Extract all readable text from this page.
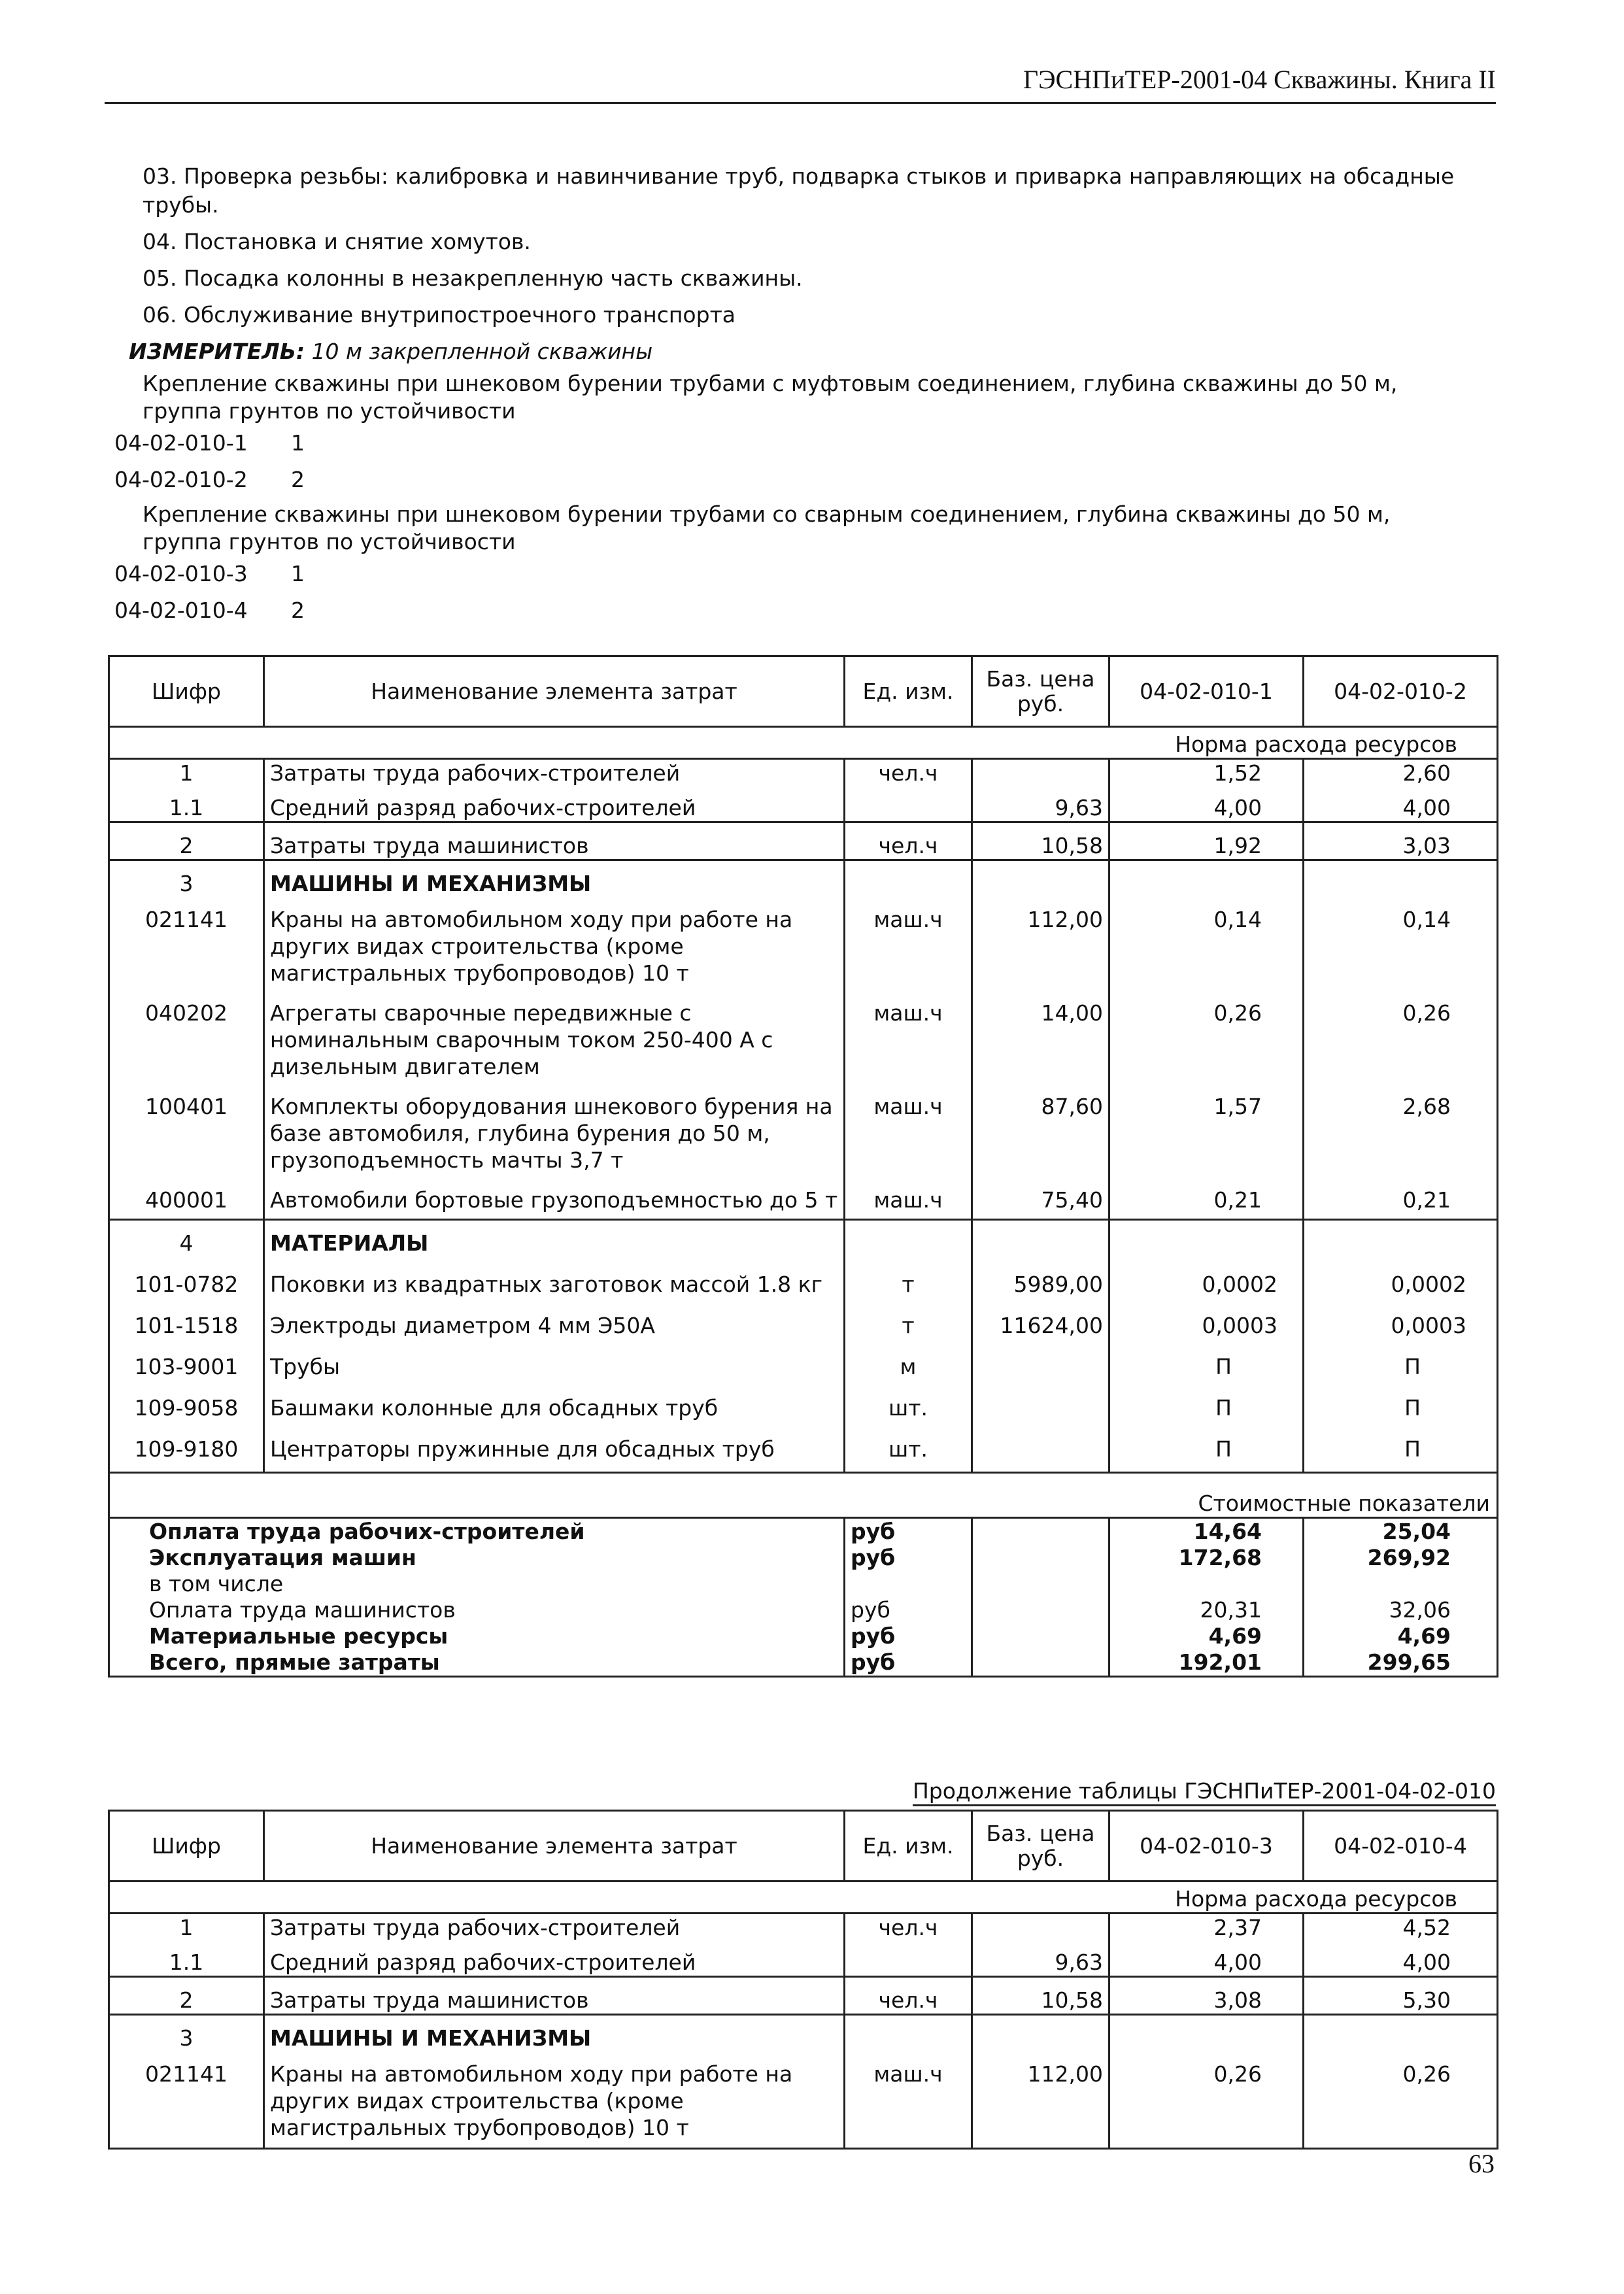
ГЭСНПиТЕР-2001-04 Скважины. Книга II
03. Проверка резьбы: калибровка и навинчивание труб, подварка стыков и приварка направляющих на обсадные трубы.
04. Постановка и снятие хомутов.
05. Посадка колонны в незакрепленную часть скважины.
06. Обслуживание внутрипостроечного транспорта
ИЗМЕРИТЕЛЬ: 10 м закрепленной скважины
Крепление скважины при шнековом бурении трубами с муфтовым соединением, глубина скважины до 50 м, группа грунтов по устойчивости
04-02-010-1 1
04-02-010-2 2
Крепление скважины при шнековом бурении трубами со сварным соединением, глубина скважины до 50 м, группа грунтов по устойчивости
04-02-010-3 1
04-02-010-4 2
Шифр	Наименование элемента затрат	Ед. изм.	Баз. цена руб.	04-02-010-1	04-02-010-2
Норма расхода ресурсов					
1	Затраты труда рабочих-строителей	чел.ч		1,52	2,60
1.1	Средний разряд рабочих-строителей		9,63	4,00	4,00
2	Затраты труда машинистов	чел.ч	10,58	1,92	3,03
3	МАШИНЫ И МЕХАНИЗМЫ				
021141	Краны на автомобильном ходу при работе на других видах строительства (кроме магистральных трубопроводов) 10 т	маш.ч	112,00	0,14	0,14
040202	Агрегаты сварочные передвижные с номинальным сварочным током 250-400 А с дизельным двигателем	маш.ч	14,00	0,26	0,26
100401	Комплекты оборудования шнекового бурения на базе автомобиля, глубина бурения до 50 м, грузоподъемность мачты 3,7 т	маш.ч	87,60	1,57	2,68
400001	Автомобили бортовые грузоподъемностью до 5 т	маш.ч	75,40	0,21	0,21
4	МАТЕРИАЛЫ				
101-0782	Поковки из квадратных заготовок массой 1.8 кг	т	5989,00	0,0002	0,0002
101-1518	Электроды диаметром 4 мм Э50А	т	11624,00	0,0003	0,0003
103-9001	Трубы	м		П	П
109-9058	Башмаки колонные для обсадных труб	шт.		П	П
109-9180	Центраторы пружинные для обсадных труб	шт.		П	П
Стоимостные показатели					
Оплата труда рабочих-строителей		руб		14,64	25,04
Эксплуатация машин		руб		172,68	269,92
в том числе					
Оплата труда машинистов		руб		20,31	32,06
Материальные ресурсы		руб		4,69	4,69
Всего, прямые затраты		руб		192,01	299,65
Продолжение таблицы ГЭСНПиТЕР-2001-04-02-010
Шифр	Наименование элемента затрат	Ед. изм.	Баз. цена руб.	04-02-010-3	04-02-010-4
Норма расхода ресурсов					
1	Затраты труда рабочих-строителей	чел.ч		2,37	4,52
1.1	Средний разряд рабочих-строителей		9,63	4,00	4,00
2	Затраты труда машинистов	чел.ч	10,58	3,08	5,30
3	МАШИНЫ И МЕХАНИЗМЫ				
021141	Краны на автомобильном ходу при работе на других видах строительства (кроме магистральных трубопроводов) 10 т	маш.ч	112,00	0,26	0,26
63
